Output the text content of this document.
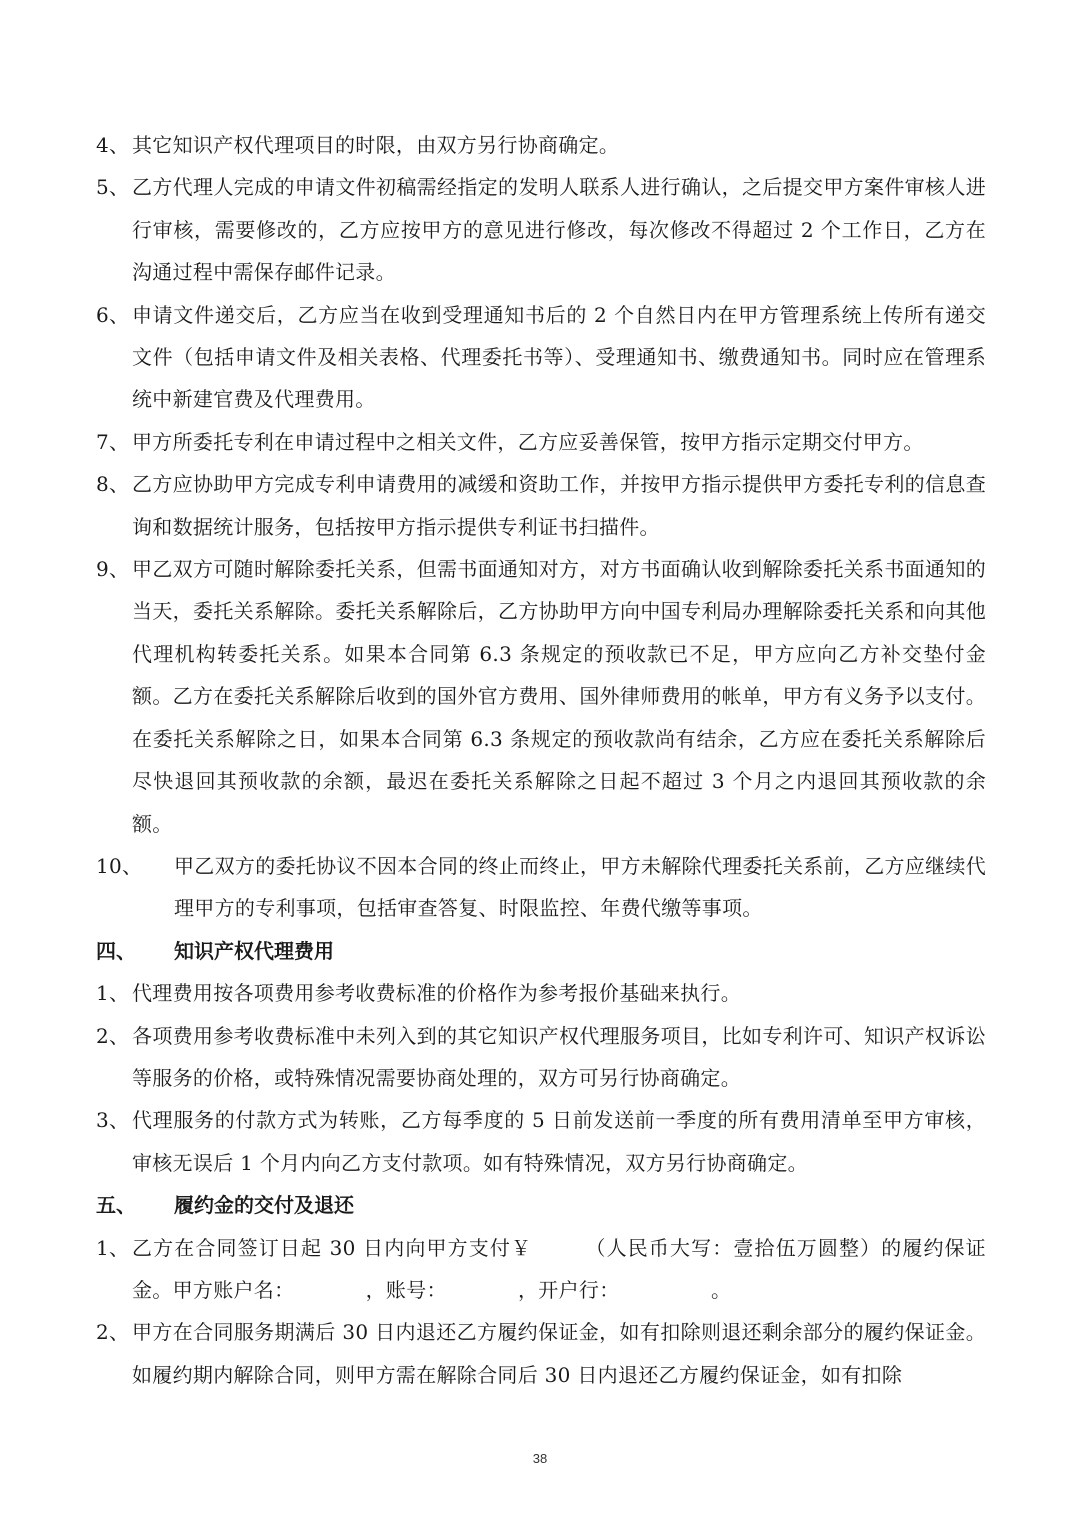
4、 其它知识产权代理项目的时限，由双方另行协商确定。
5、 乙方代理人完成的申请文件初稿需经指定的发明人联系人进行确认，之后提交甲方案件审核人进行审核，需要修改的，乙方应按甲方的意见进行修改，每次修改不得超过 2 个工作日，乙方在沟通过程中需保存邮件记录。
6、 申请文件递交后，乙方应当在收到受理通知书后的 2 个自然日内在甲方管理系统上传所有递交文件（包括申请文件及相关表格、代理委托书等）、受理通知书、缴费通知书。同时应在管理系统中新建官费及代理费用。
7、 甲方所委托专利在申请过程中之相关文件，乙方应妥善保管，按甲方指示定期交付甲方。
8、 乙方应协助甲方完成专利申请费用的减缓和资助工作，并按甲方指示提供甲方委托专利的信息查询和数据统计服务，包括按甲方指示提供专利证书扫描件。
9、 甲乙双方可随时解除委托关系，但需书面通知对方，对方书面确认收到解除委托关系书面通知的当天，委托关系解除。委托关系解除后，乙方协助甲方向中国专利局办理解除委托关系和向其他代理机构转委托关系。如果本合同第 6.3 条规定的预收款已不足，甲方应向乙方补交垫付金额。乙方在委托关系解除后收到的国外官方费用、国外律师费用的帐单，甲方有义务予以支付。在委托关系解除之日，如果本合同第 6.3 条规定的预收款尚有结余，乙方应在委托关系解除后尽快退回其预收款的余额，最迟在委托关系解除之日起不超过 3 个月之内退回其预收款的余额。
10、	甲乙双方的委托协议不因本合同的终止而终止，甲方未解除代理委托关系前，乙方应继续代理甲方的专利事项，包括审查答复、时限监控、年费代缴等事项。
四、	知识产权代理费用
1、 代理费用按各项费用参考收费标准的价格作为参考报价基础来执行。
2、 各项费用参考收费标准中未列入到的其它知识产权代理服务项目，比如专利许可、知识产权诉讼等服务的价格，或特殊情况需要协商处理的，双方可另行协商确定。
3、 代理服务的付款方式为转账，乙方每季度的 5 日前发送前一季度的所有费用清单至甲方审核，审核无误后 1 个月内向乙方支付款项。如有特殊情况，双方另行协商确定。
五、	履约金的交付及退还
1、 乙方在合同签订日起 30 日内向甲方支付￥　　　（人民币大写：壹拾伍万圆整）的履约保证金。甲方账户名：　　　　，账号：　　　　，开户行：　　　　　。
2、 甲方在合同服务期满后 30 日内退还乙方履约保证金，如有扣除则退还剩余部分的履约保证金。如履约期内解除合同，则甲方需在解除合同后 30 日内退还乙方履约保证金，如有扣除
38
